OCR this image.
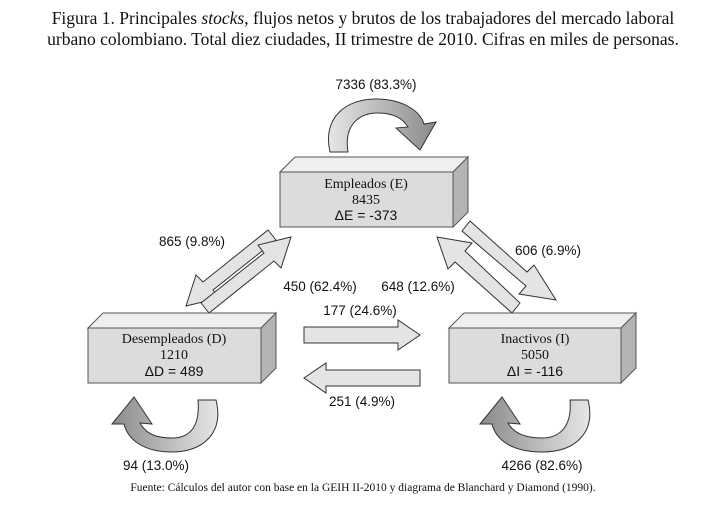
Figura 1. Principales stocks, flujos netos y brutos de los trabajadores del mercado laboral
urbano colombiano. Total diez ciudades, II trimestre de 2010. Cifras en miles de personas.
Empleados (E)
8435
ΔE = -373
Desempleados (D)
1210
ΔD = 489
Inactivos (I)
5050
ΔI = -116
7336 (83.3%)
865 (9.8%)
450 (62.4%) 648 (12.6%)
606 (6.9%)
177 (24.6%)
251 (4.9%)
94 (13.0%)	4266 (82.6%)
Fuente: Cálculos del autor con base en la GEIH II-2010 y diagrama de Blanchard y Diamond (1990).
